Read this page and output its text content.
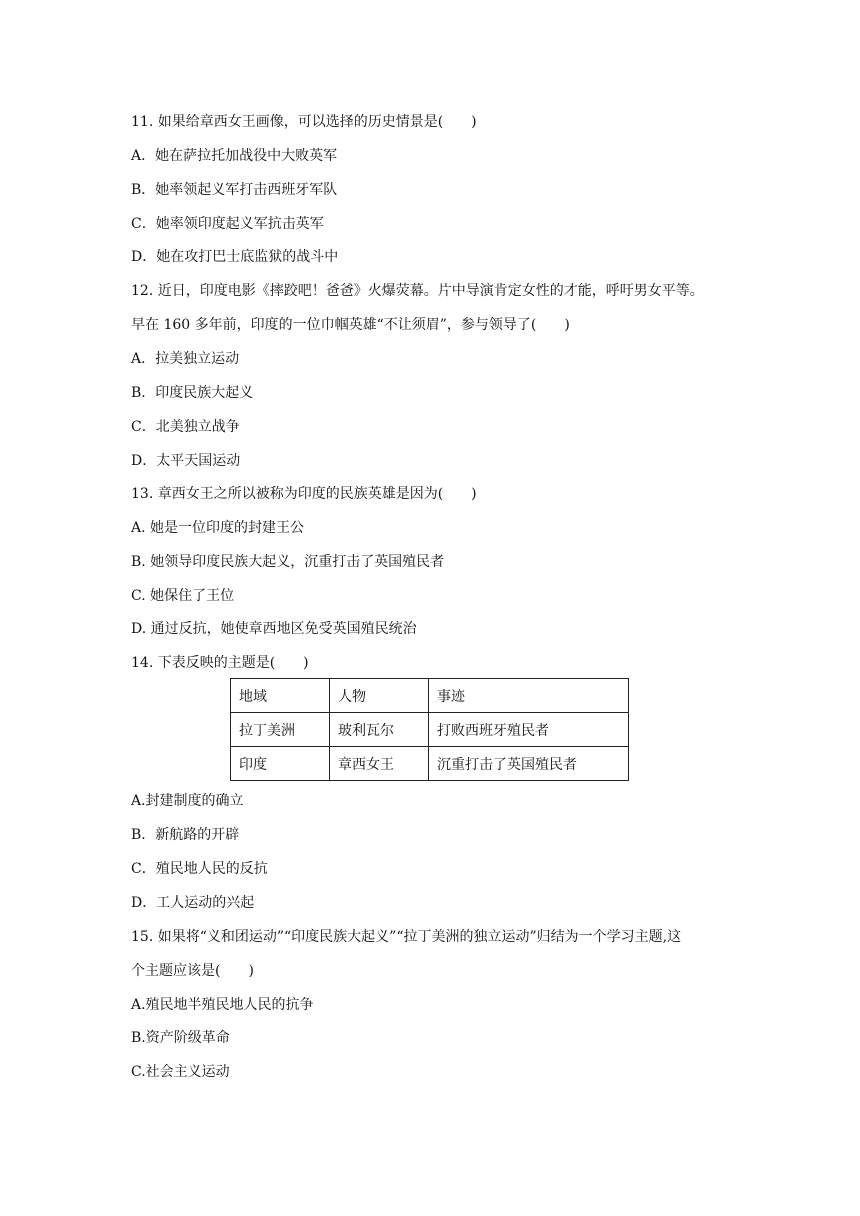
11. 如果给章西女王画像，可以选择的历史情景是(　　)
A．她在萨拉托加战役中大败英军
B．她率领起义军打击西班牙军队
C．她率领印度起义军抗击英军
D．她在攻打巴士底监狱的战斗中
12. 近日，印度电影《摔跤吧！爸爸》火爆荧幕。片中导演肯定女性的才能，呼吁男女平等。
早在 160 多年前，印度的一位巾帼英雄“不让须眉”，参与领导了(　　)
A．拉美独立运动
B．印度民族大起义
C．北美独立战争
D．太平天国运动
13. 章西女王之所以被称为印度的民族英雄是因为(　　)
A. 她是一位印度的封建王公
B. 她领导印度民族大起义，沉重打击了英国殖民者
C. 她保住了王位
D. 通过反抗，她使章西地区免受英国殖民统治
14. 下表反映的主题是(　　)
地域	人物	事迹
拉丁美洲	玻利瓦尔	打败西班牙殖民者
印度	章西女王	沉重打击了英国殖民者
A.封建制度的确立
B．新航路的开辟
C．殖民地人民的反抗
D．工人运动的兴起
15. 如果将“义和团运动”“印度民族大起义”“拉丁美洲的独立运动”归结为一个学习主题,这
个主题应该是(　　)
A.殖民地半殖民地人民的抗争
B.资产阶级革命
C.社会主义运动
